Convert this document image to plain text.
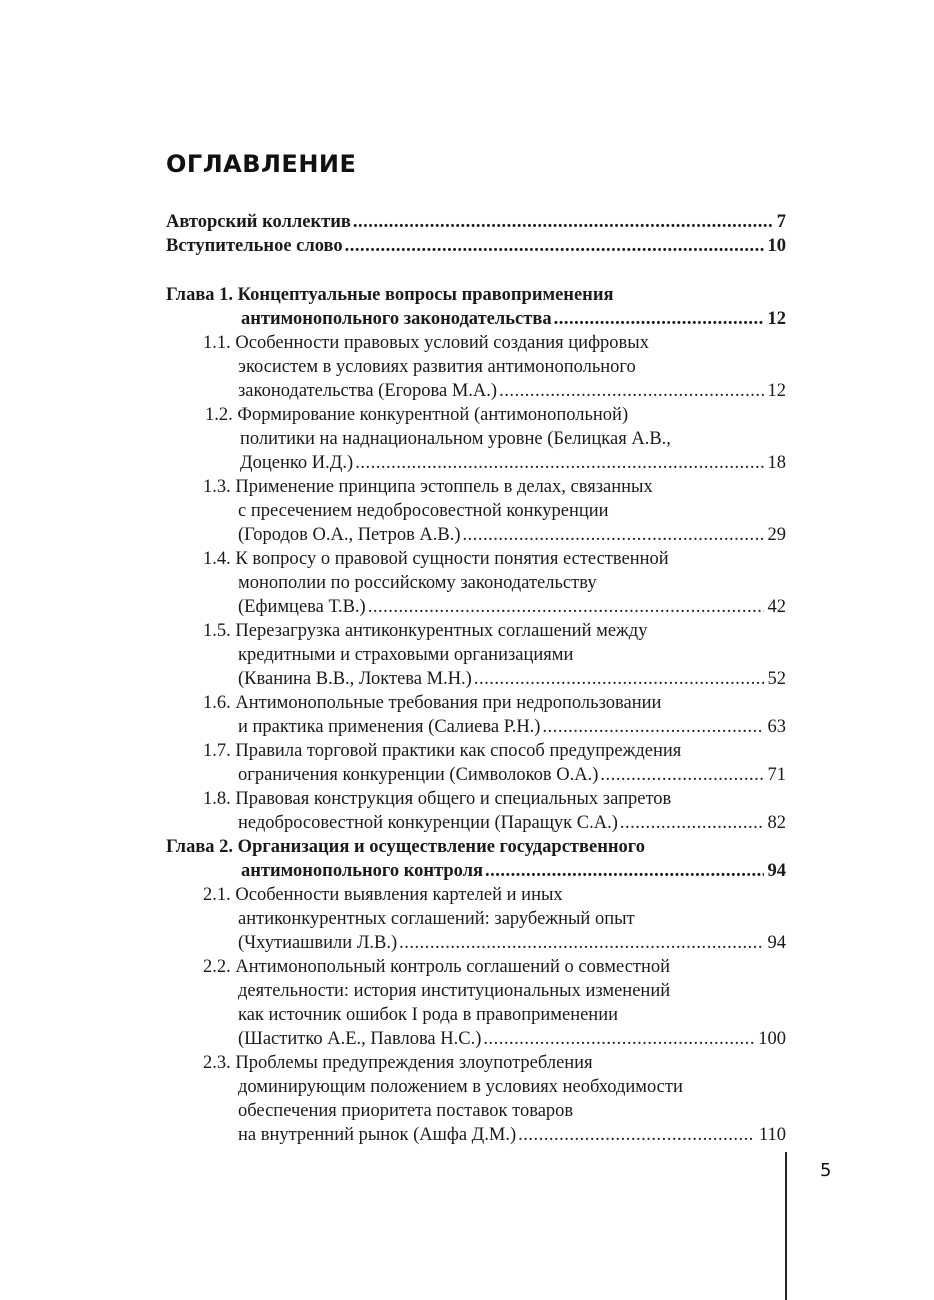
ОГЛАВЛЕНИЕ
Авторский коллектив .....	7
Вступительное слово .....	10
Глава 1. Концептуальные вопросы правоприменения
антимонопольного законодательства .....	12
1.1. Особенности правовых условий создания цифровых
экосистем в условиях развития антимонопольного
законодательства (Егорова М.А.) .....	12
1.2. Формирование конкурентной (антимонопольной)
политики на наднациональном уровне (Белицкая А.В.,
Доценко И.Д.) .....	18
1.3. Применение принципа эстоппель в делах, связанных
с пресечением недобросовестной конкуренции
(Городов О.А., Петров А.В.) .....	29
1.4. К вопросу о правовой сущности понятия естественной
монополии по российскому законодательству
(Ефимцева Т.В.) .....	42
1.5. Перезагрузка антиконкурентных соглашений между
кредитными и страховыми организациями
(Кванина В.В., Локтева М.Н.) .....	52
1.6. Антимонопольные требования при недропользовании
и практика применения (Салиева Р.Н.) .....	63
1.7. Правила торговой практики как способ предупреждения
ограничения конкуренции (Символоков О.А.) .....	71
1.8. Правовая конструкция общего и специальных запретов
недобросовестной конкуренции (Паращук С.А.) .....	82
Глава 2. Организация и осуществление государственного
антимонопольного контроля .....	94
2.1. Особенности выявления картелей и иных
антиконкурентных соглашений: зарубежный опыт
(Чхутиашвили Л.В.) .....	94
2.2. Антимонопольный контроль соглашений о совместной
деятельности: история институциональных изменений
как источник ошибок I рода в правоприменении
(Шаститко А.Е., Павлова Н.С.) .....	100
2.3. Проблемы предупреждения злоупотребления
доминирующим положением в условиях необходимости
обеспечения приоритета поставок товаров
на внутренний рынок (Ашфа Д.М.) .....	110
5
